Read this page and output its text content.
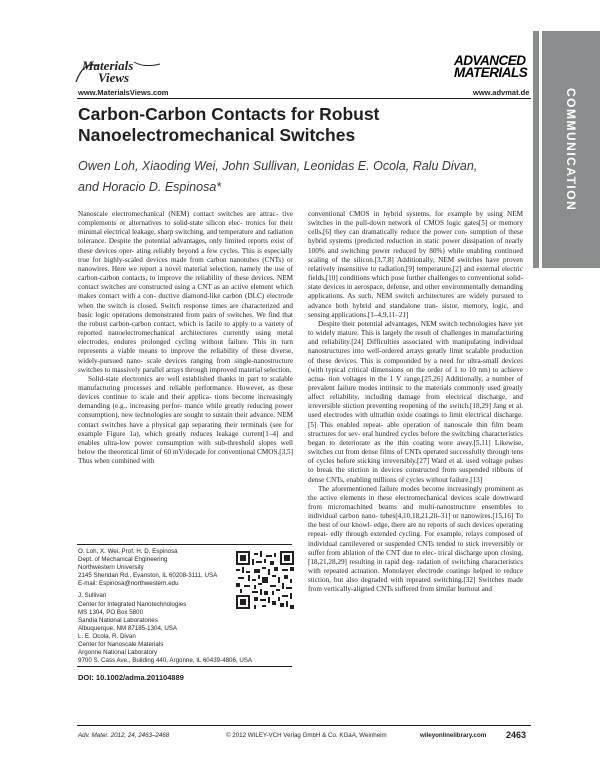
COMMUNICATION
Materials
Views
www.MaterialsViews.com
ADVANCED
MATERIALS
www.advmat.de
Carbon-Carbon Contacts for Robust Nanoelectromechanical Switches
Owen Loh, Xiaoding Wei, John Sullivan, Leonidas E. Ocola, Ralu Divan,
and Horacio D. Espinosa*

Nanoscale electromechanical (NEM) contact switches are attrac- tive complements or alternatives to solid-state silicon elec- tronics for their minimal electrical leakage, sharp switching, and temperature and radiation tolerance. Despite the potential advantages, only limited reports exist of these devices oper- ating reliably beyond a few cycles. This is especially true for highly-scaled devices made from carbon nanotubes (CNTs) or nanowires. Here we report a novel material selection, namely the use of carbon-carbon contacts, to improve the reliability of these devices. NEM contact switches are constructed using a CNT as an active element which makes contact with a con- ductive diamond-like carbon (DLC) electrode when the switch is closed. Switch response times are characterized and basic logic operations demonstrated from pairs of switches. We find that the robust carbon-carbon contact, which is facile to apply to a variety of reported nanoelectromechanical architectures currently using metal electrodes, endures prolonged cycling without failure. This in turn represents a viable means to improve the reliability of these diverse, widely-pursued nano- scale devices ranging from single-nanostructure switches to massively parallel arrays through improved material selection.

Solid-state electronics are well established thanks in part to scalable manufacturing processes and reliable performance. However, as these devices continue to scale and their applica- tions become increasingly demanding (e.g., increasing perfor- mance while greatly reducing power consumption), new technologies are sought to sustain their advance. NEM contact switches have a physical gap separating their terminals (see for example Figure 1a), which greatly reduces leakage current[1–4] and enables ultra-low power consumption with sub-threshold slopes well below the theoretical limit of 60 mV/decade for conventional CMOS.[3,5] Thus when combined with

O. Loh, X. Wei, Prof. H. D. Espinosa
Dept. of Mechanical Engineering
Northwestern University
2145 Sheridan Rd., Evanston, IL 60208-3111, USA
E-mail: Espinosa@northwestern.edu
J. Sullivan
Center for Integrated Nanotechnologies
MS 1304, PO Box 5800
Sandia National Laboratories
Albuquerque, NM 87185-1304, USA
L. E. Ocola, R. Divan
Center for Nanoscale Materials
Argonne National Laboratory
9700 S. Cass Ave., Building 440, Argonne, IL 60439-4806, USA
DOI: 10.1002/adma.201104889

conventional CMOS in hybrid systems, for example by using NEM switches in the pull-down network of CMOS logic gates[5] or memory cells,[6] they can dramatically reduce the power con- sumption of these hybrid systems (predicted reduction in static power dissipation of nearly 100% and switching power reduced by 80%) while enabling continued scaling of the silicon.[3,7,8] Additionally, NEM switches have proven relatively insensitive to radiation,[9] temperature,[2] and external electric fields,[10] conditions which pose further challenges to conventional solid- state devices in aerospace, defense, and other environmentally demanding applications. As such, NEM switch architectures are widely pursued to advance both hybrid and standalone tran- sistor, memory, logic, and sensing applications.[1–4,9,11–21]

Despite their potential advantages, NEM switch technologies have yet to widely mature. This is largely the result of challenges in manufacturing and reliability.[24] Difficulties associated with manipulating individual nanostructures into well-ordered arrays greatly limit scalable production of these devices. This is compounded by a need for ultra-small devices (with typical critical dimensions on the order of 1 to 10 nm) to achieve actua- tion voltages in the 1 V range.[25,26] Additionally, a number of prevalent failure modes intrinsic to the materials commonly used greatly affect reliability, including damage from electrical discharge, and irreversible stiction preventing reopening of the switch.[18,29] Jang et al. used electrodes with ultrathin oxide coatings to limit electrical discharge.[5] This enabled repeat- able operation of nanoscale thin film beam structures for sev- eral hundred cycles before the switching characteristics began to deteriorate as the thin coating wore away.[5,11] Likewise, switches cut from dense films of CNTs operated successfully through tens of cycles before sticking irreversibly.[27] Ward et al. used voltage pulses to break the stiction in devices constructed from suspended ribbons of dense CNTs, enabling millions of cycles without failure.[13]

The aforementioned failure modes become increasingly prominent as the active elements in these electromechanical devices scale downward from micromachined beams and multi-nanostructure ensembles to individual carbon nano- tubes[4,10,18,21,28–31] or nanowires.[15,16] To the best of our knowl- edge, there are no reports of such devices operating repeat- edly through extended cycling. For example, relays composed of individual cantilevered or suspended CNTs tended to stick irreversibly or suffer from ablation of the CNT due to elec- trical discharge upon closing,[18,21,28,29] resulting in rapid deg- radation of switching characteristics with repeated actuation. Monolayer electrode coatings helped to reduce stiction, but also degraded with repeated switching.[32] Switches made from vertically-aligned CNTs suffered from similar burnout and

Adv. Mater. 2012, 24, 2463–2468	© 2012 WILEY-VCH Verlag GmbH & Co. KGaA, Weinheim	wileyonlinelibrary.com 2463
